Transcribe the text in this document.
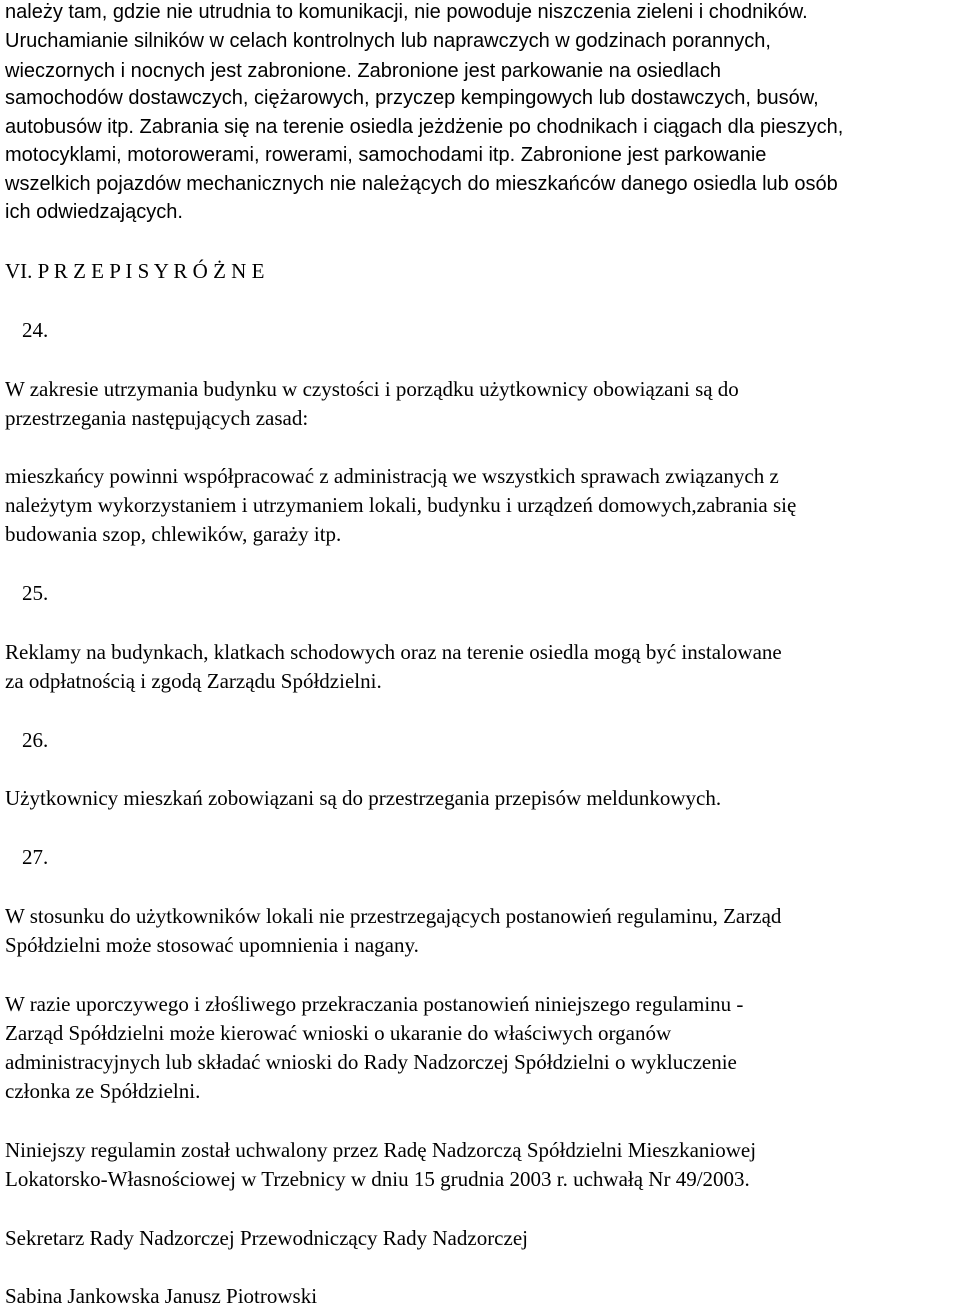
należy tam, gdzie nie utrudnia to komunikacji, nie powoduje niszczenia zieleni i chodników.
Uruchamianie silników w celach kontrolnych lub naprawczych w godzinach porannych,
wieczornych i nocnych jest zabronione. Zabronione jest parkowanie na osiedlach
samochodów dostawczych, ciężarowych, przyczep kempingowych lub dostawczych, busów,
autobusów itp. Zabrania się na terenie osiedla jeżdżenie po chodnikach i ciągach dla pieszych,
motocyklami, motorowerami, rowerami, samochodami itp. Zabronione jest parkowanie
wszelkich pojazdów mechanicznych nie należących do mieszkańców danego osiedla lub osób
ich odwiedzających.
VI. P R Z E P I S Y R Ó Ż N E
24.
W zakresie utrzymania budynku w czystości i porządku użytkownicy obowiązani są do
przestrzegania następujących zasad:
mieszkańcy powinni współpracować z administracją we wszystkich sprawach związanych z
należytym wykorzystaniem i utrzymaniem lokali, budynku i urządzeń domowych,zabrania się
budowania szop, chlewików, garaży itp.
25.
Reklamy na budynkach, klatkach schodowych oraz na terenie osiedla mogą być instalowane
za odpłatnością i zgodą Zarządu Spółdzielni.
26.
Użytkownicy mieszkań zobowiązani są do przestrzegania przepisów meldunkowych.
27.
W stosunku do użytkowników lokali nie przestrzegających postanowień regulaminu, Zarząd
Spółdzielni może stosować upomnienia i nagany.
W razie uporczywego i złośliwego przekraczania postanowień niniejszego regulaminu -
Zarząd Spółdzielni może kierować wnioski o ukaranie do właściwych organów
administracyjnych lub składać wnioski do Rady Nadzorczej Spółdzielni o wykluczenie
członka ze Spółdzielni.
Niniejszy regulamin został uchwalony przez Radę Nadzorczą Spółdzielni Mieszkaniowej
Lokatorsko-Własnościowej w Trzebnicy w dniu 15 grudnia 2003 r. uchwałą Nr 49/2003.
Sekretarz Rady Nadzorczej Przewodniczący Rady Nadzorczej
Sabina Jankowska Janusz Piotrowski
